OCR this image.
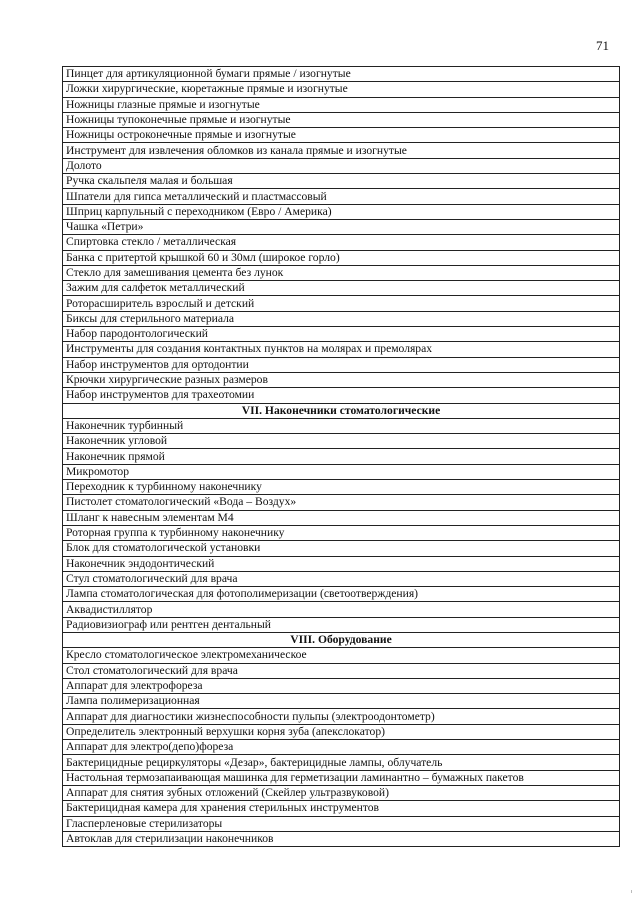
71
Пинцет для артикуляционной бумаги прямые / изогнутые
Ложки хирургические, кюретажные прямые и изогнутые
Ножницы глазные прямые и изогнутые
Ножницы тупоконечные прямые и изогнутые
Ножницы остроконечные прямые и изогнутые
Инструмент для извлечения обломков из канала прямые и изогнутые
Долото
Ручка скальпеля малая и большая
Шпатели для гипса металлический и пластмассовый
Шприц карпульный с переходником (Евро / Америка)
Чашка «Петри»
Спиртовка стекло / металлическая
Банка с притертой крышкой 60 и 30мл (широкое горло)
Стекло для замешивания цемента без лунок
Зажим для салфеток металлический
Роторасширитель взрослый и детский
Биксы для стерильного материала
Набор пародонтологический
Инструменты для создания контактных пунктов на молярах и премолярах
Набор инструментов для ортодонтии
Крючки хирургические разных размеров
Набор инструментов для трахеотомии
VII. Наконечники стоматологические
Наконечник турбинный
Наконечник угловой
Наконечник прямой
Микромотор
Переходник к турбинному наконечнику
Пистолет стоматологический «Вода – Воздух»
Шланг к навесным элементам М4
Роторная группа к турбинному наконечнику
Блок для стоматологической установки
Наконечник эндодонтический
Стул стоматологический для врача
Лампа стоматологическая для фотополимеризации (светоотверждения)
Аквадистиллятор
Радиовизиограф или рентген дентальный
VIII. Оборудование
Кресло стоматологическое электромеханическое
Стол стоматологический для врача
Аппарат для электрофореза
Лампа полимеризационная
Аппарат для диагностики жизнеспособности пульпы (электроодонтометр)
Определитель электронный верхушки корня зуба (апекслокатор)
Аппарат для электро(депо)фореза
Бактерицидные рециркуляторы «Дезар», бактерицидные лампы, облучатель
Настольная термозапаивающая машинка для герметизации ламинантно – бумажных пакетов
Аппарат для снятия зубных отложений (Скейлер ультразвуковой)
Бактерицидная камера для хранения стерильных инструментов
Гласперленовые стерилизаторы
Автоклав для стерилизации наконечников
